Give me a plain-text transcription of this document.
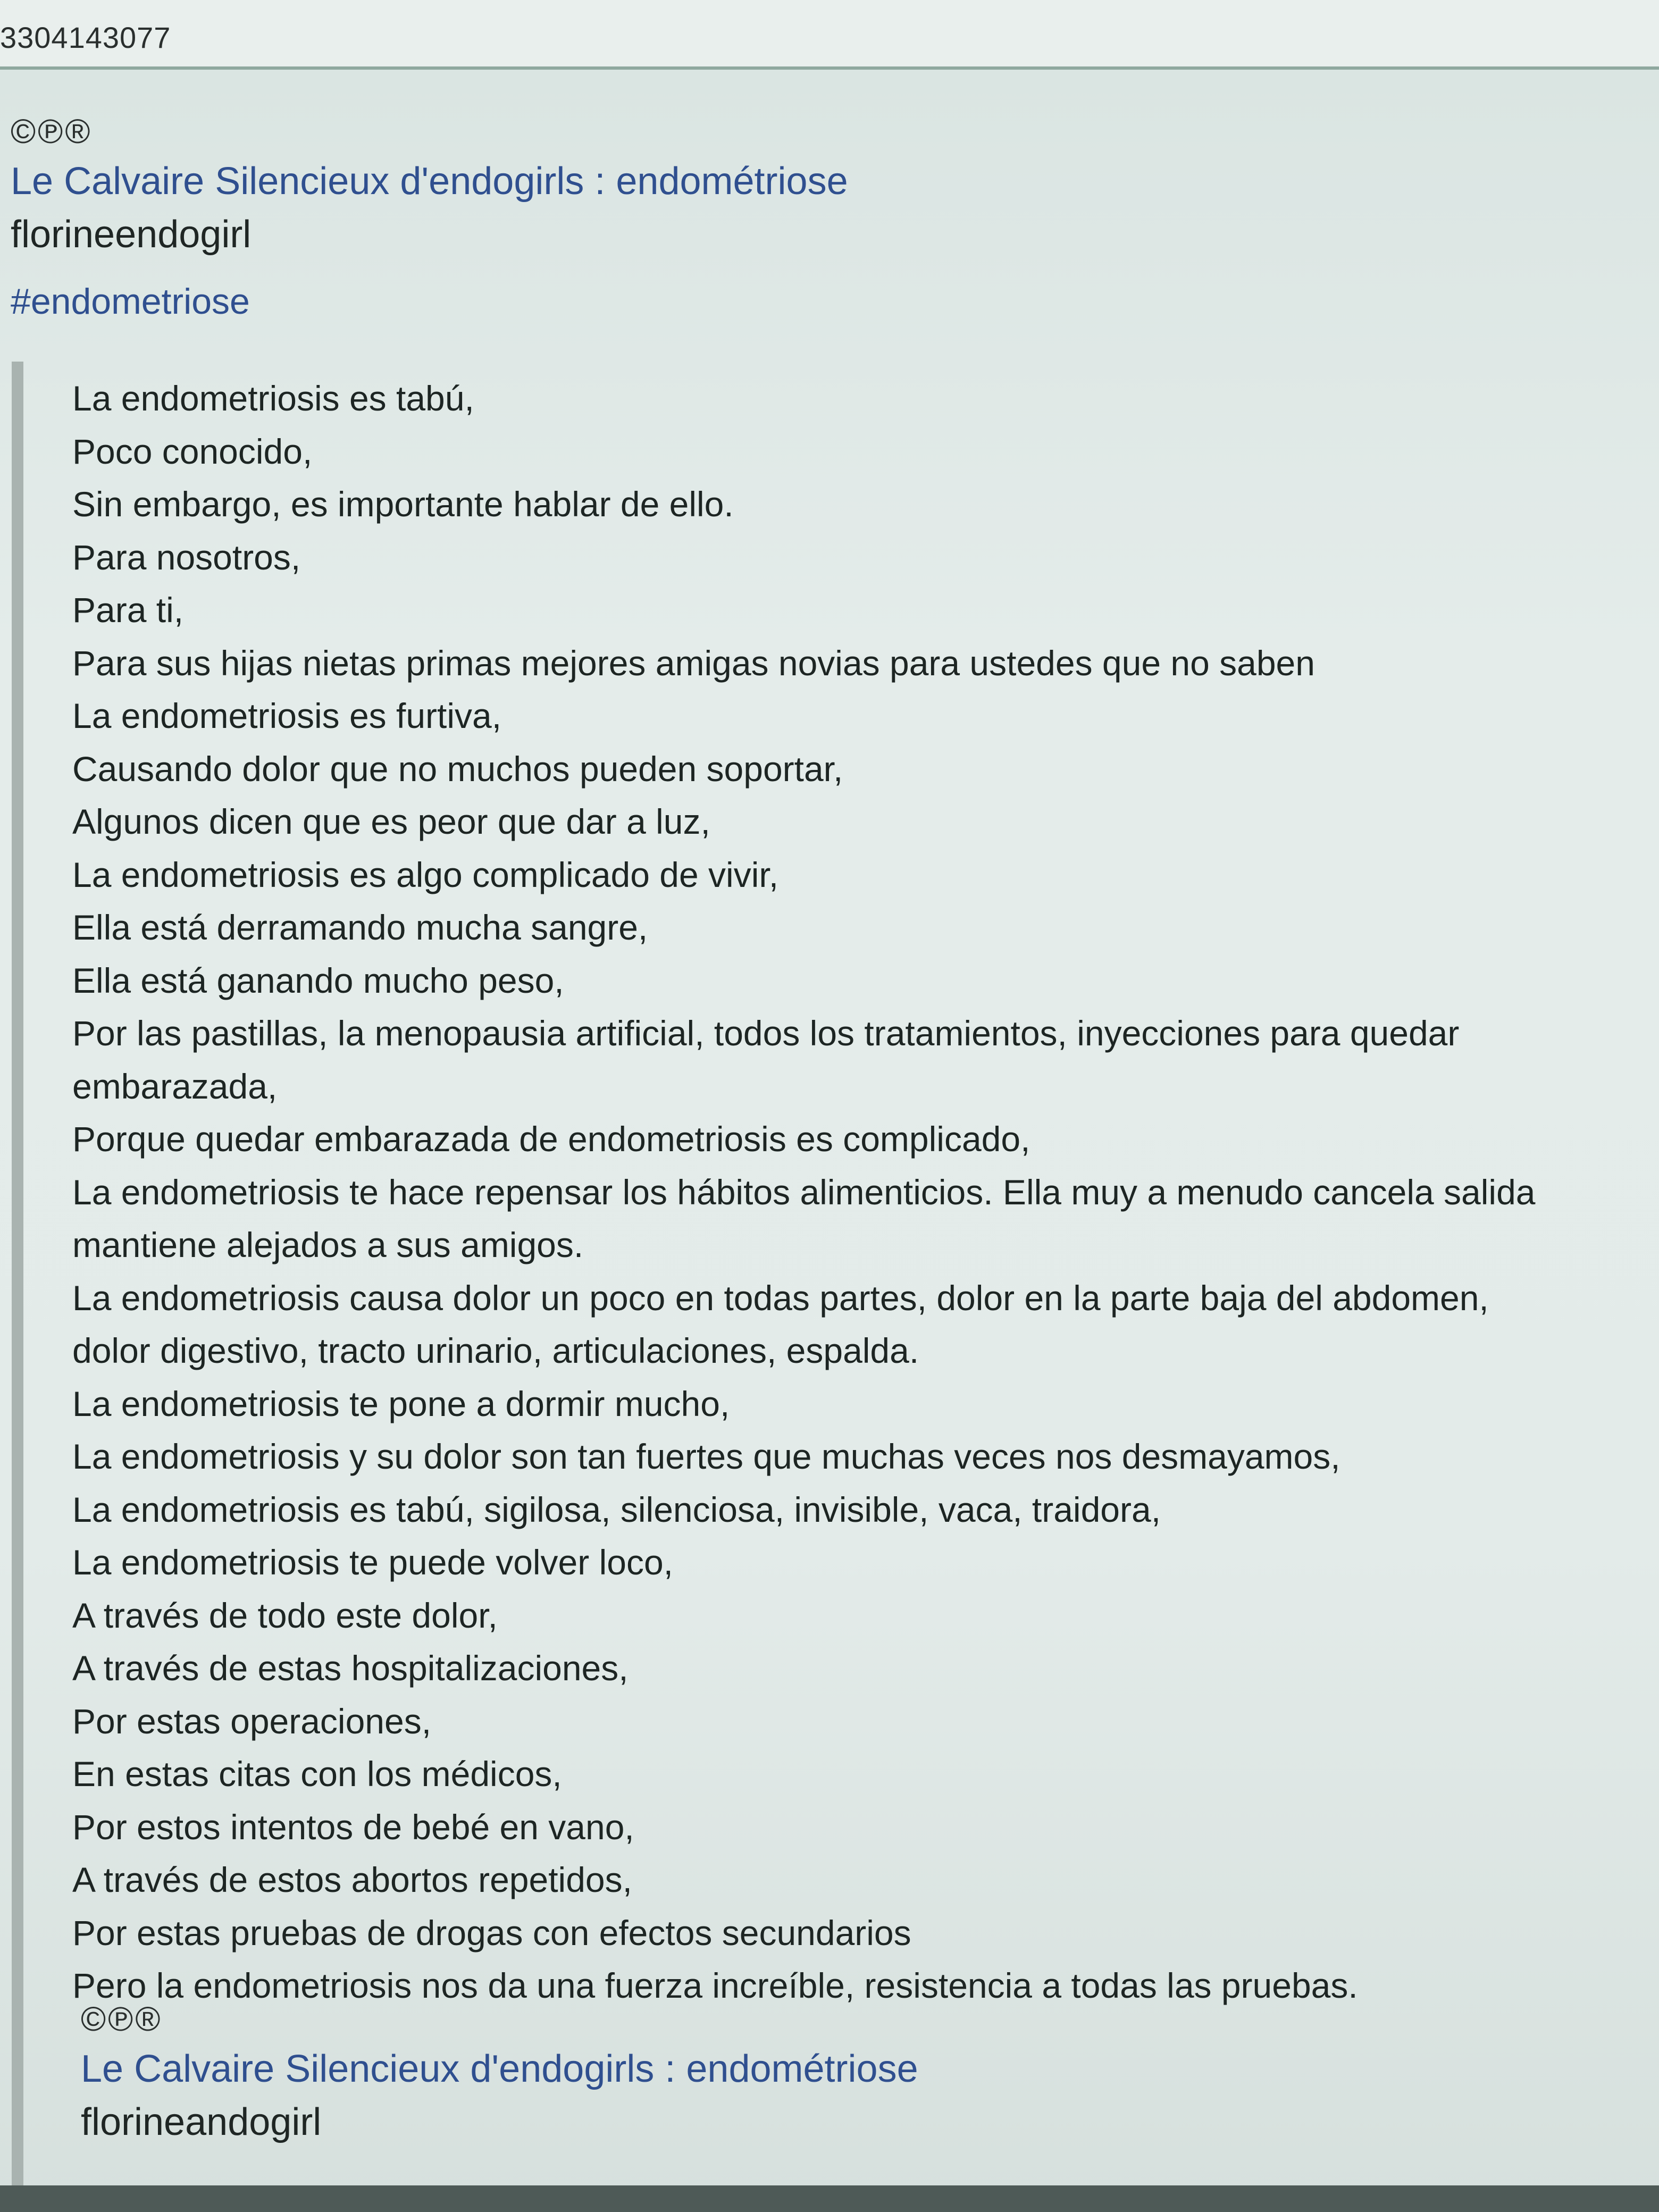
3304143077
©℗®
Le Calvaire Silencieux d'endogirls : endométriose
florineendogirl
#endometriose
La endometriosis es tabú,
Poco conocido,
Sin embargo, es importante hablar de ello.
Para nosotros,
Para ti,
Para sus hijas nietas primas mejores amigas novias para ustedes que no saben
La endometriosis es furtiva,
Causando dolor que no muchos pueden soportar,
Algunos dicen que es peor que dar a luz,
La endometriosis es algo complicado de vivir,
Ella está derramando mucha sangre,
Ella está ganando mucho peso,
Por las pastillas, la menopausia artificial, todos los tratamientos, inyecciones para quedar
embarazada,
Porque quedar embarazada de endometriosis es complicado,
La endometriosis te hace repensar los hábitos alimenticios. Ella muy a menudo cancela salida
mantiene alejados a sus amigos.
La endometriosis causa dolor un poco en todas partes, dolor en la parte baja del abdomen,
dolor digestivo, tracto urinario, articulaciones, espalda.
La endometriosis te pone a dormir mucho,
La endometriosis y su dolor son tan fuertes que muchas veces nos desmayamos,
La endometriosis es tabú, sigilosa, silenciosa, invisible, vaca, traidora,
La endometriosis te puede volver loco,
A través de todo este dolor,
A través de estas hospitalizaciones,
Por estas operaciones,
En estas citas con los médicos,
Por estos intentos de bebé en vano,
A través de estos abortos repetidos,
Por estas pruebas de drogas con efectos secundarios
Pero la endometriosis nos da una fuerza increíble, resistencia a todas las pruebas.
©℗®
Le Calvaire Silencieux d'endogirls : endométriose
florineandogirl
